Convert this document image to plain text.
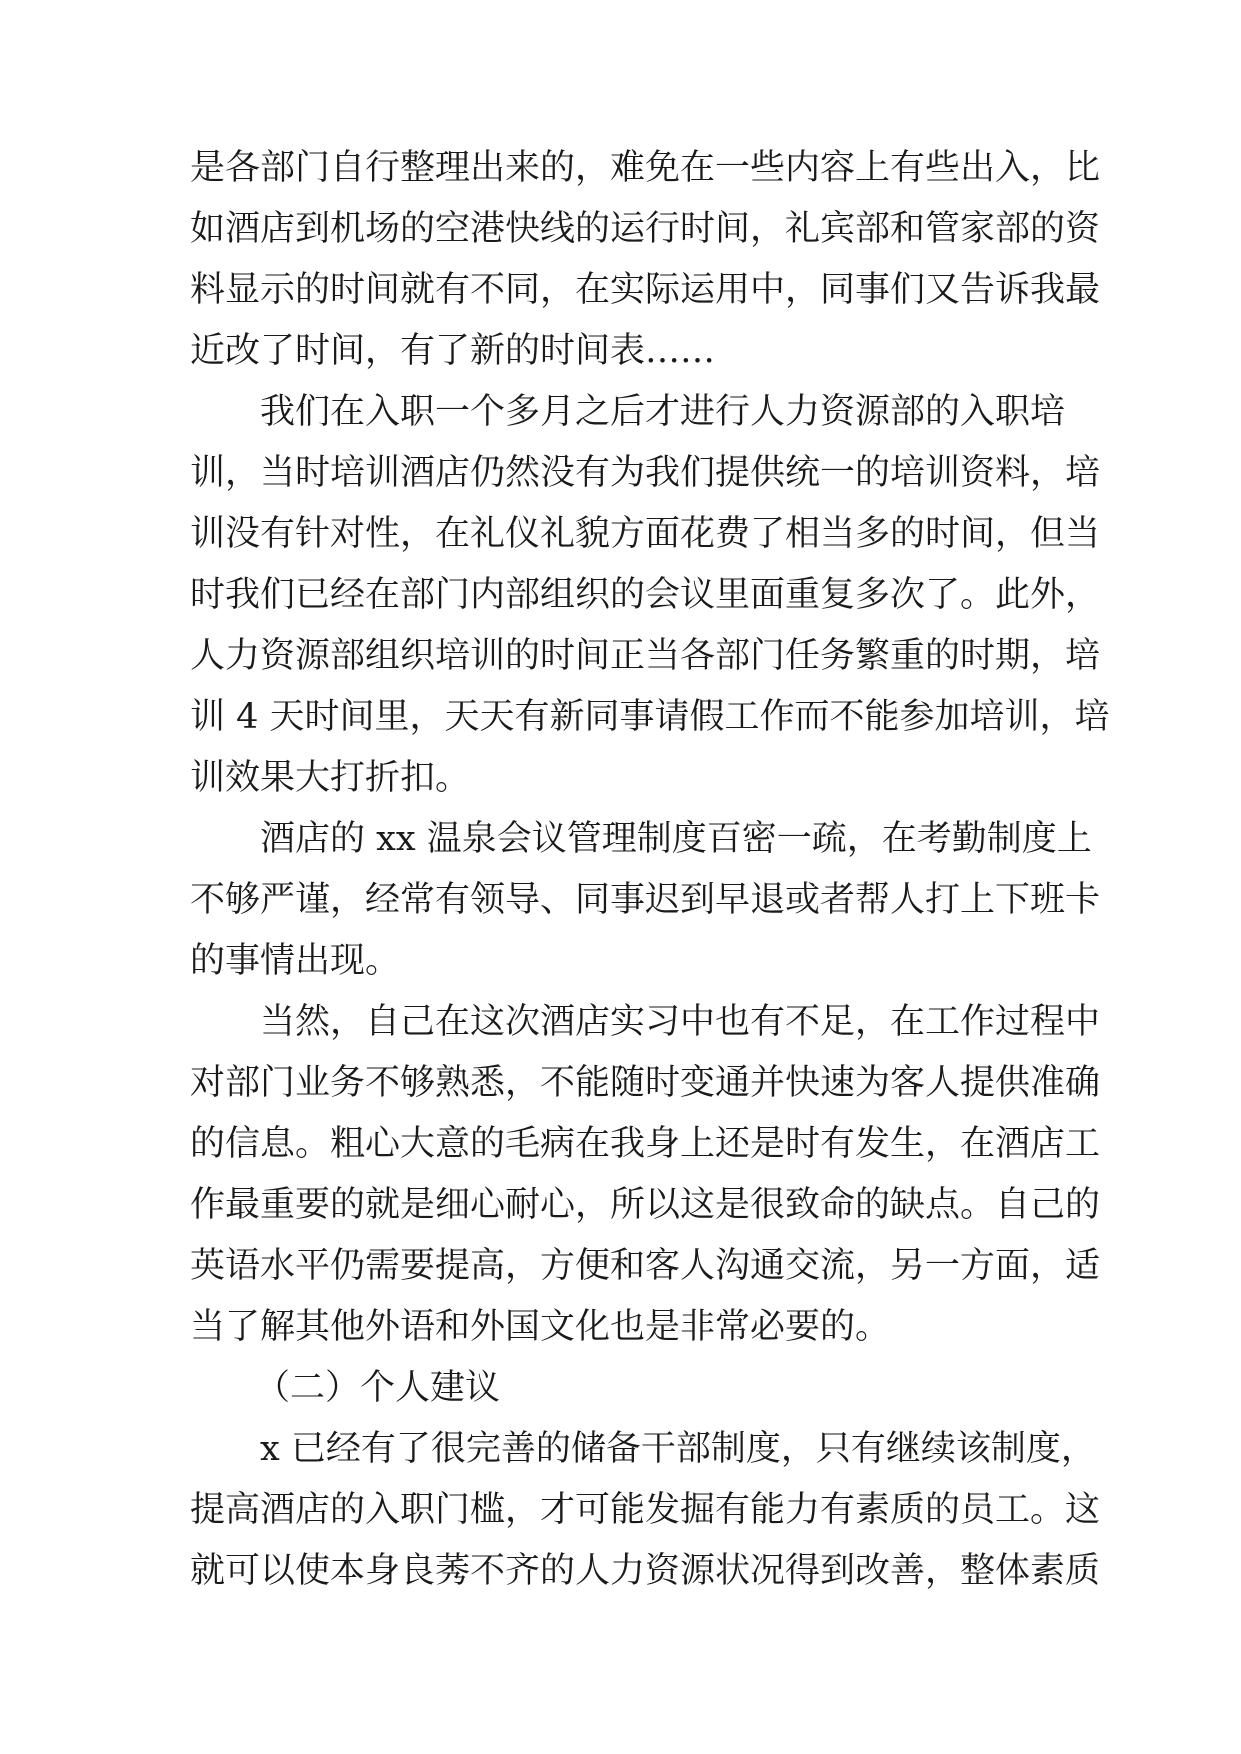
是各部门自行整理出来的，难免在一些内容上有些出入，比
如酒店到机场的空港快线的运行时间，礼宾部和管家部的资
料显示的时间就有不同，在实际运用中，同事们又告诉我最
近改了时间，有了新的时间表……
我们在入职一个多月之后才进行人力资源部的入职培
训，当时培训酒店仍然没有为我们提供统一的培训资料，培
训没有针对性，在礼仪礼貌方面花费了相当多的时间，但当
时我们已经在部门内部组织的会议里面重复多次了。此外，
人力资源部组织培训的时间正当各部门任务繁重的时期，培
训 4 天时间里，天天有新同事请假工作而不能参加培训，培
训效果大打折扣。
酒店的 xx 温泉会议管理制度百密一疏，在考勤制度上
不够严谨，经常有领导、同事迟到早退或者帮人打上下班卡
的事情出现。
当然，自己在这次酒店实习中也有不足，在工作过程中
对部门业务不够熟悉，不能随时变通并快速为客人提供准确
的信息。粗心大意的毛病在我身上还是时有发生，在酒店工
作最重要的就是细心耐心，所以这是很致命的缺点。自己的
英语水平仍需要提高，方便和客人沟通交流，另一方面，适
当了解其他外语和外国文化也是非常必要的。
（二）个人建议
x 已经有了很完善的储备干部制度，只有继续该制度，
提高酒店的入职门槛，才可能发掘有能力有素质的员工。这
就可以使本身良莠不齐的人力资源状况得到改善，整体素质
